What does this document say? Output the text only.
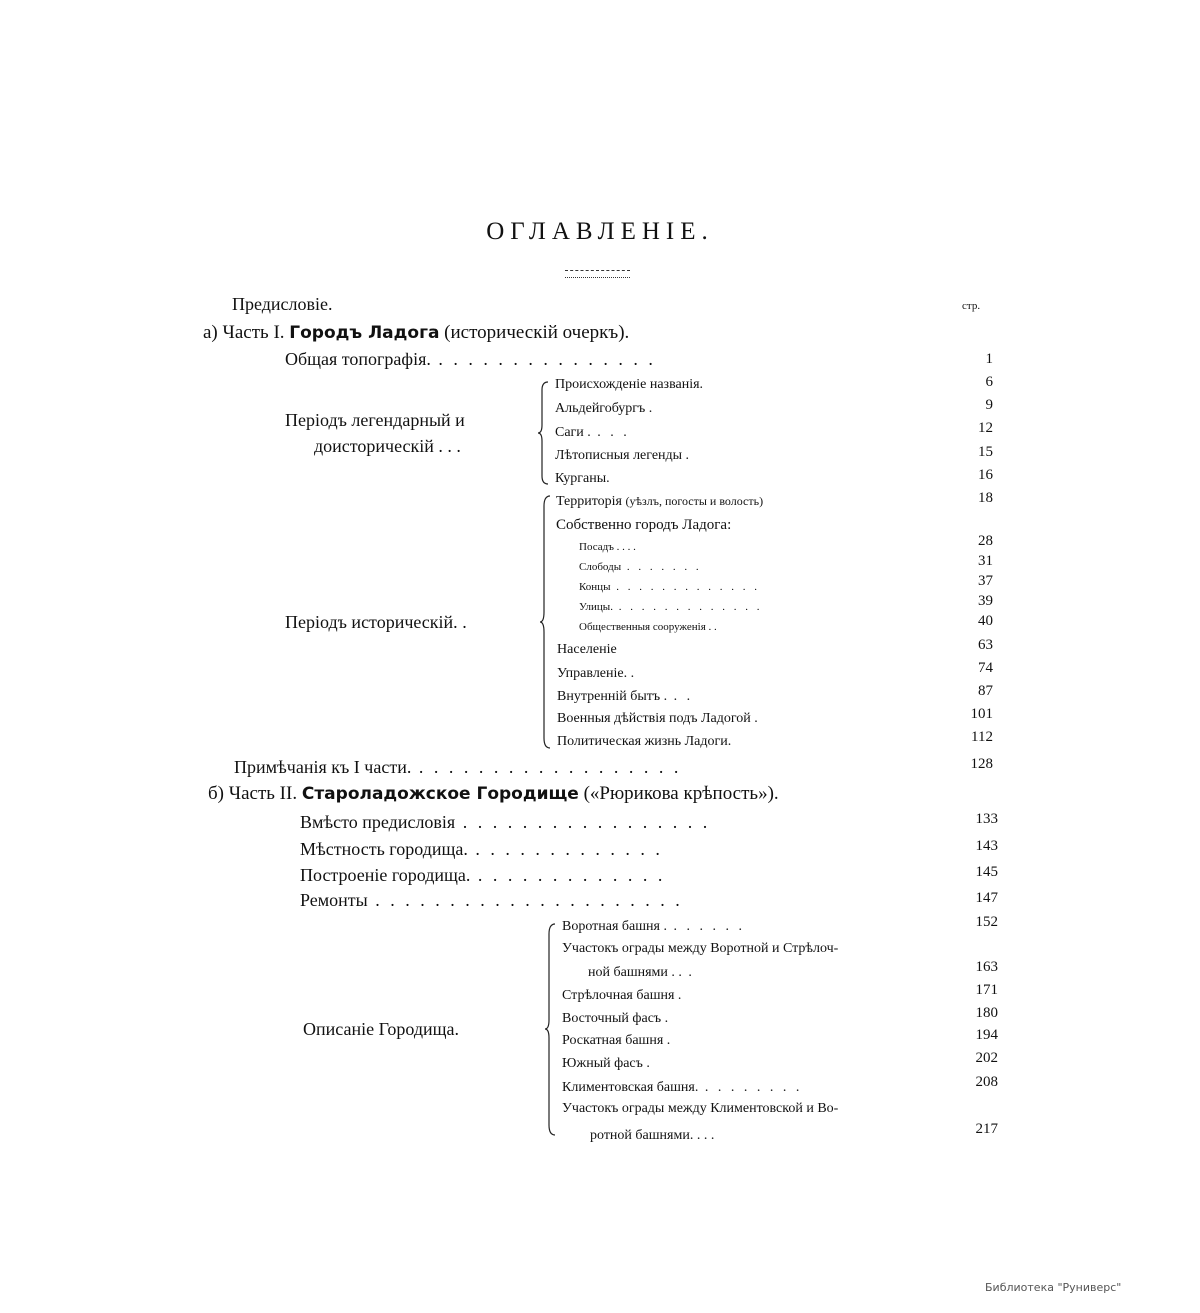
ОГЛАВЛЕНІЕ.
Предисловіе.	стр.
а) Часть I. Городъ Ладога (историческій очеркъ).
Общая топографія. . . . . . . . . . . . . . . .	1
Періодъ легендарный и
доисторическій . . .
Происхожденіе названія.	6
Альдейгобургъ .	9
Саги . . . .	12
Лѣтописныя легенды .	15
Курганы.	16
Періодъ историческій. .
Территорія (уѣзлъ, погосты и волость)	18
Собственно городъ Ладога:
Посадъ . . . .	28
Слободы . . . . . . .	31
Концы . . . . . . . . . . . . .	37
Улицы. . . . . . . . . . . . . .	39
Общественныя сооруженія . .	40
Населеніе	63
Управленіе. .	74
Внутренній бытъ . . .	87
Военныя дѣйствія подъ Ладогой .	101
Политическая жизнь Ладоги.	112
Примѣчанія къ I части. . . . . . . . . . . . . . . . . . .	128
б) Часть II. Староладожское Городище («Рюрикова крѣпость»).
Вмѣсто предисловія . . . . . . . . . . . . . . . . .	133
Мѣстность городища. . . . . . . . . . . . . .	143
Построеніе городища. . . . . . . . . . . . . .	145
Ремонты . . . . . . . . . . . . . . . . . . . . .	147
Описаніе Городища.
Воротная башня . . . . . . .	152
Участокъ ограды между Воротной и Стрѣлоч-
ной башнями . . .	163
Стрѣлочная башня .	171
Восточный фасъ .	180
Роскатная башня .	194
Южный фасъ .	202
Климентовская башня. . . . . . . . .	208
Участокъ ограды между Климентовской и Во-
ротной башнями. . . .	217
Библиотека "Руниверс"
